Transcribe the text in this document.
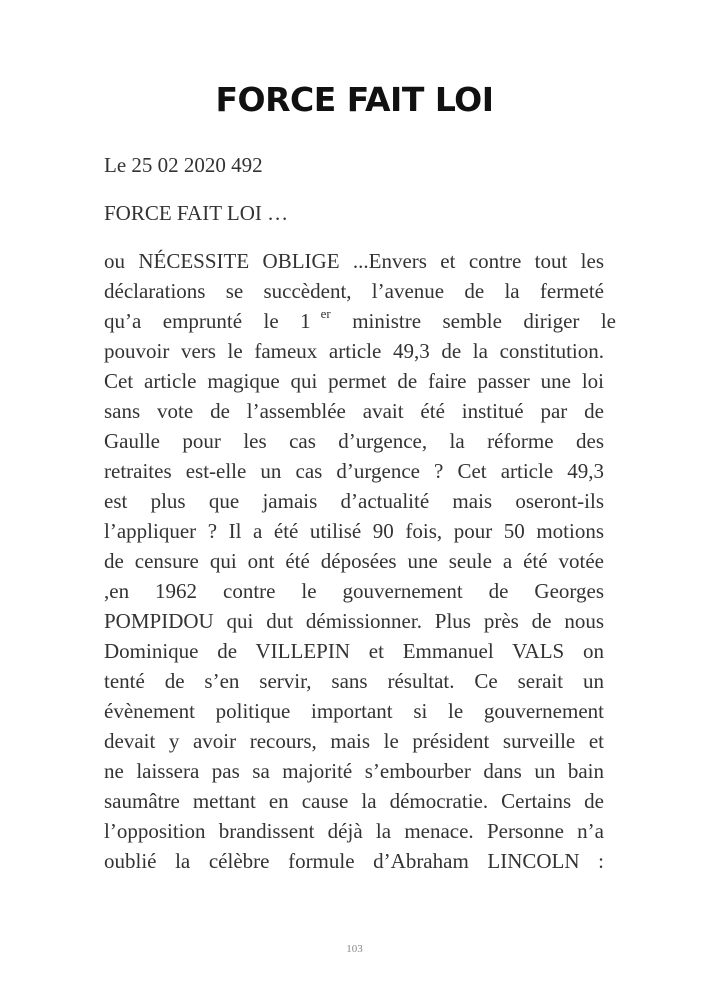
FORCE FAIT LOI
Le 25 02 2020 492
FORCE FAIT LOI …
ou NÉCESSITE OBLIGE ...Envers et contre tout les
déclarations se succèdent, l’avenue de la fermeté
qu’a emprunté le 1 $^{er}$ ministre semble diriger le
pouvoir vers le fameux article 49,3 de la constitution.
Cet article magique qui permet de faire passer une loi
sans vote de l’assemblée avait été institué par de
Gaulle pour les cas d’urgence, la réforme des
retraites est-elle un cas d’urgence ? Cet article 49,3
est plus que jamais d’actualité mais oseront-ils
l’appliquer ? Il a été utilisé 90 fois, pour 50 motions
de censure qui ont été déposées une seule a été votée
,en 1962 contre le gouvernement de Georges
POMPIDOU qui dut démissionner. Plus près de nous
Dominique de VILLEPIN et Emmanuel VALS on
tenté de s’en servir, sans résultat. Ce serait un
évènement politique important si le gouvernement
devait y avoir recours, mais le président surveille et
ne laissera pas sa majorité s’embourber dans un bain
saumâtre mettant en cause la démocratie. Certains de
l’opposition brandissent déjà la menace. Personne n’a
oublié la célèbre formule d’Abraham LINCOLN :
103
